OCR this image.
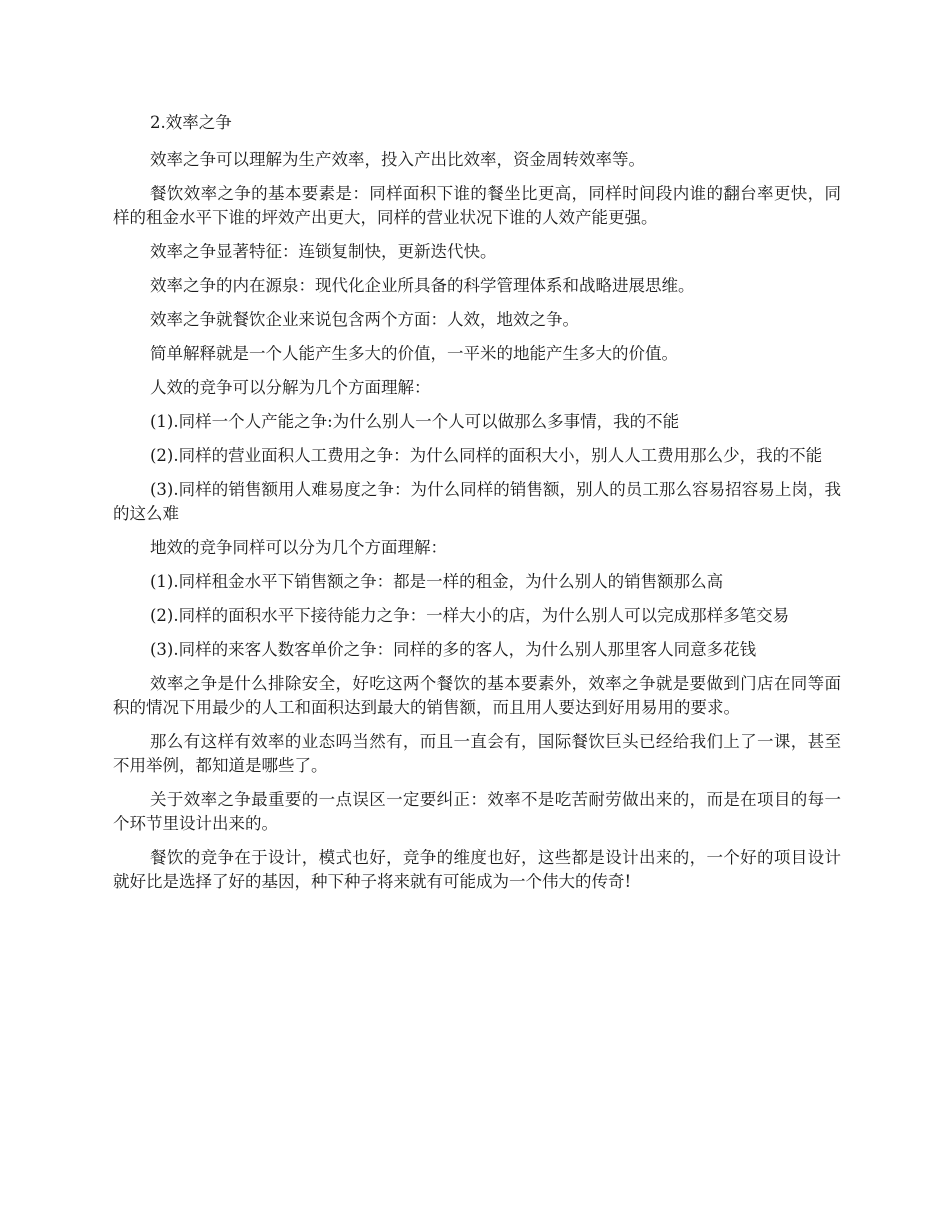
2.效率之争

效率之争可以理解为生产效率，投入产出比效率，资金周转效率等。

餐饮效率之争的基本要素是：同样面积下谁的餐坐比更高，同样时间段内谁的翻台率更快，同样的租金水平下谁的坪效产出更大，同样的营业状况下谁的人效产能更强。

效率之争显著特征：连锁复制快，更新迭代快。

效率之争的内在源泉：现代化企业所具备的科学管理体系和战略进展思维。

效率之争就餐饮企业来说包含两个方面：人效，地效之争。

简单解释就是一个人能产生多大的价值，一平米的地能产生多大的价值。

人效的竞争可以分解为几个方面理解：

(1).同样一个人产能之争:为什么别人一个人可以做那么多事情，我的不能

(2).同样的营业面积人工费用之争：为什么同样的面积大小，别人人工费用那么少，我的不能

(3).同样的销售额用人难易度之争：为什么同样的销售额，别人的员工那么容易招容易上岗，我的这么难

地效的竞争同样可以分为几个方面理解：

(1).同样租金水平下销售额之争：都是一样的租金，为什么别人的销售额那么高

(2).同样的面积水平下接待能力之争：一样大小的店，为什么别人可以完成那样多笔交易

(3).同样的来客人数客单价之争：同样的多的客人，为什么别人那里客人同意多花钱

效率之争是什么排除安全，好吃这两个餐饮的基本要素外，效率之争就是要做到门店在同等面积的情况下用最少的人工和面积达到最大的销售额，而且用人要达到好用易用的要求。

那么有这样有效率的业态吗当然有，而且一直会有，国际餐饮巨头已经给我们上了一课，甚至不用举例，都知道是哪些了。

关于效率之争最重要的一点误区一定要纠正：效率不是吃苦耐劳做出来的，而是在项目的每一个环节里设计出来的。

餐饮的竞争在于设计，模式也好，竞争的维度也好，这些都是设计出来的，一个好的项目设计就好比是选择了好的基因，种下种子将来就有可能成为一个伟大的传奇!
